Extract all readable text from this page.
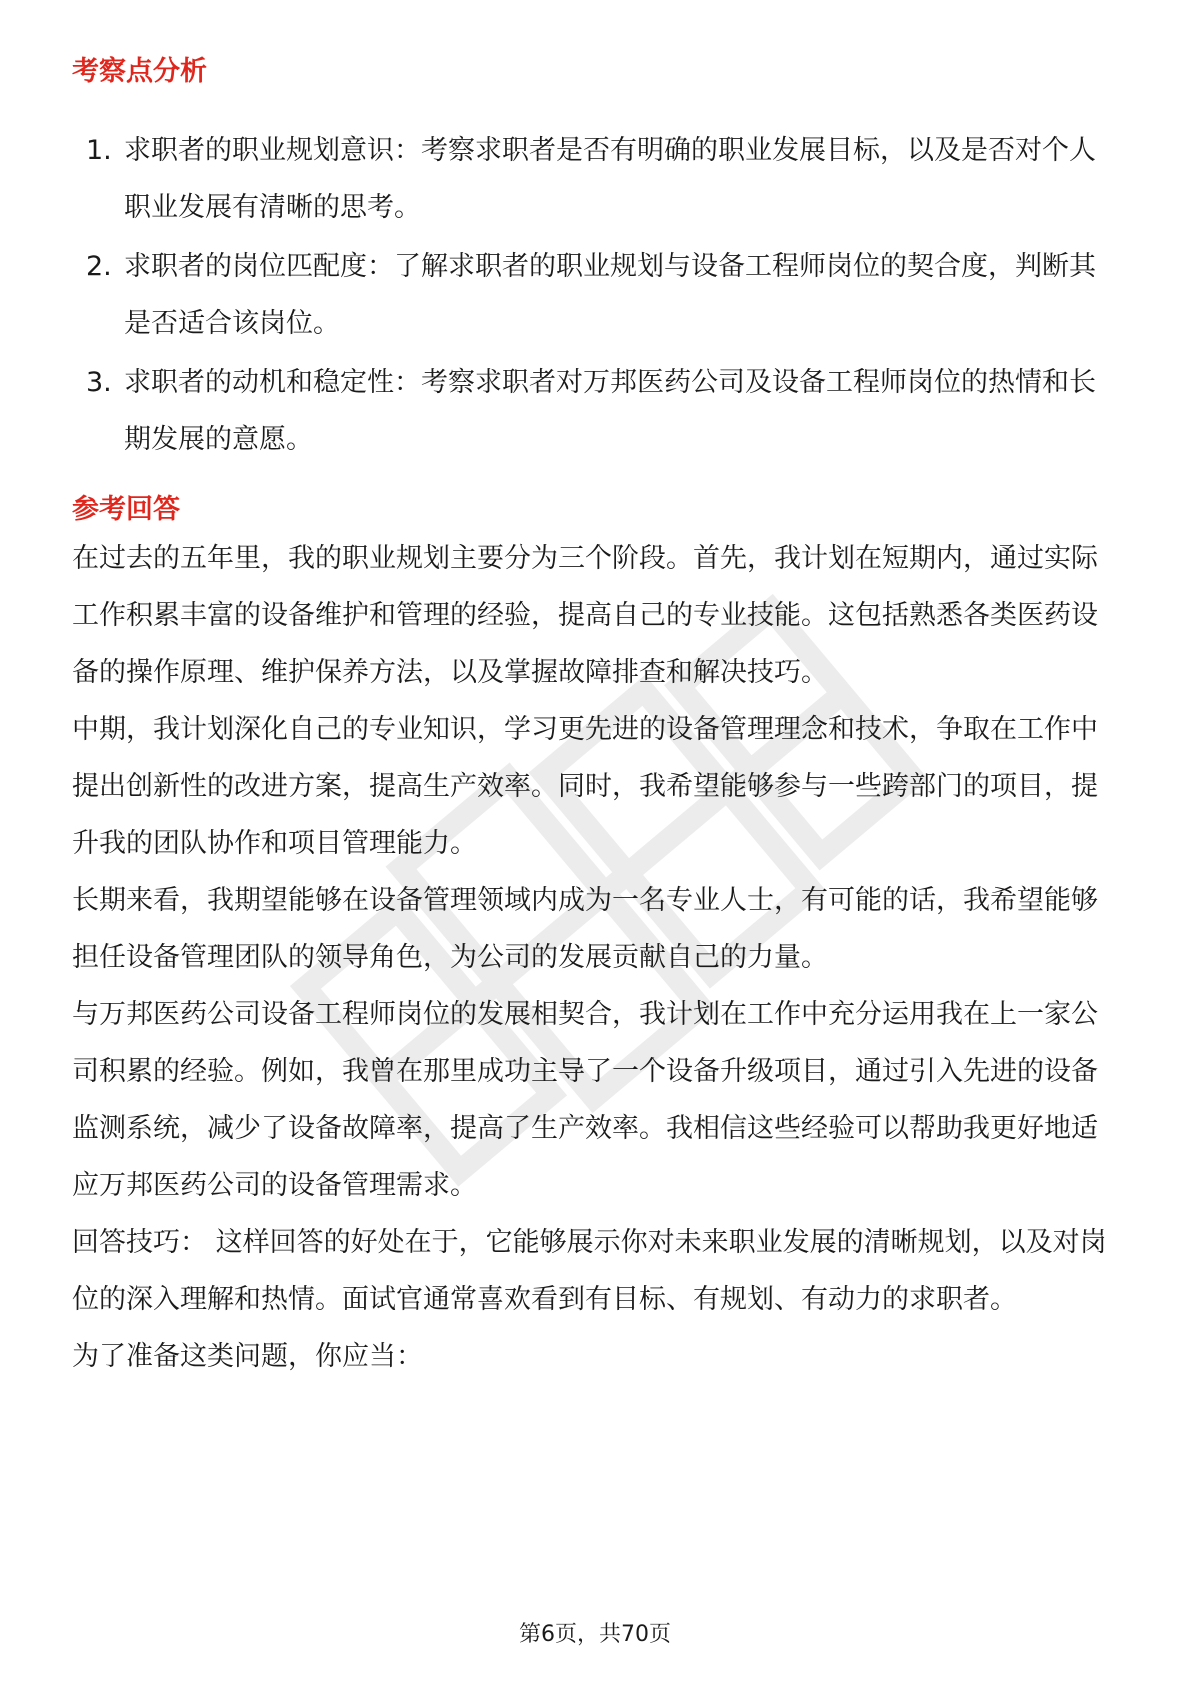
考察点分析
1. 求职者的职业规划意识：考察求职者是否有明确的职业发展目标，以及是否对个人职业发展有清晰的思考。
2. 求职者的岗位匹配度：了解求职者的职业规划与设备工程师岗位的契合度，判断其是否适合该岗位。
3. 求职者的动机和稳定性：考察求职者对万邦医药公司及设备工程师岗位的热情和长期发展的意愿。
参考回答

在过去的五年里，我的职业规划主要分为三个阶段。首先，我计划在短期内，通过实际工作积累丰富的设备维护和管理的经验，提高自己的专业技能。这包括熟悉各类医药设备的操作原理、维护保养方法，以及掌握故障排查和解决技巧。

中期，我计划深化自己的专业知识，学习更先进的设备管理理念和技术，争取在工作中提出创新性的改进方案，提高生产效率。同时，我希望能够参与一些跨部门的项目，提升我的团队协作和项目管理能力。

长期来看，我期望能够在设备管理领域内成为一名专业人士，有可能的话，我希望能够担任设备管理团队的领导角色，为公司的发展贡献自己的力量。

与万邦医药公司设备工程师岗位的发展相契合，我计划在工作中充分运用我在上一家公司积累的经验。例如，我曾在那里成功主导了一个设备升级项目，通过引入先进的设备监测系统，减少了设备故障率，提高了生产效率。我相信这些经验可以帮助我更好地适应万邦医药公司的设备管理需求。

回答技巧： 这样回答的好处在于，它能够展示你对未来职业发展的清晰规划，以及对岗位的深入理解和热情。面试官通常喜欢看到有目标、有规划、有动力的求职者。

为了准备这类问题，你应当：

第6页，共70页
